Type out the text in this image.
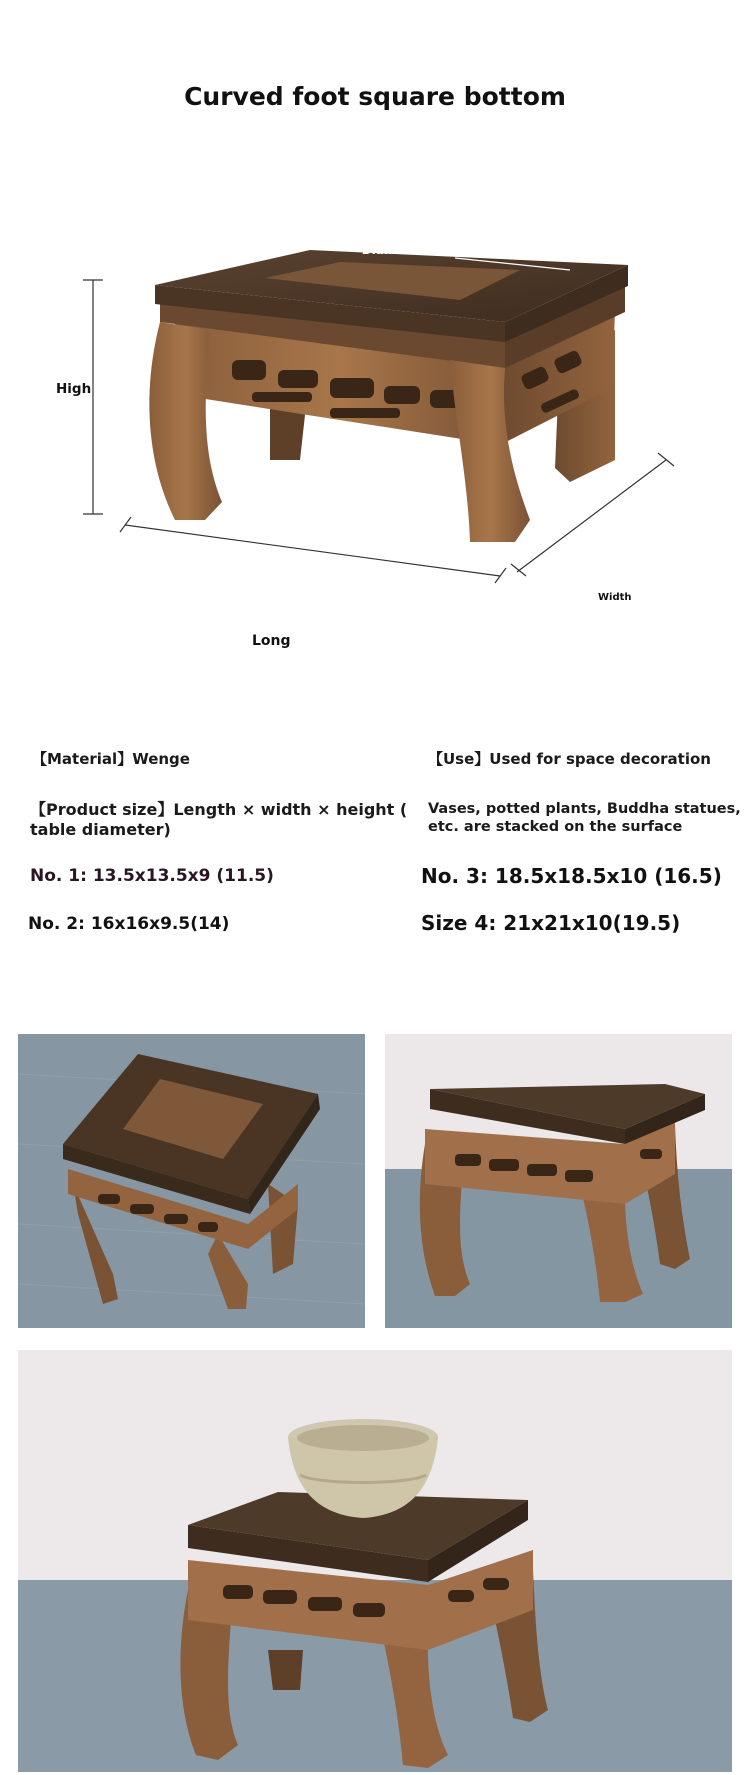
Curved foot square bottom
Diameter
High
Width
Long
【Material】Wenge	【Use】Used for space decoration
【Product size】Length × width × height (
table diameter)
Vases, potted plants, Buddha statues,
etc. are stacked on the surface
No. 1: 13.5x13.5x9 (11.5)	No. 3: 18.5x18.5x10 (16.5)
No. 2: 16x16x9.5(14)	Size 4: 21x21x10(19.5)
